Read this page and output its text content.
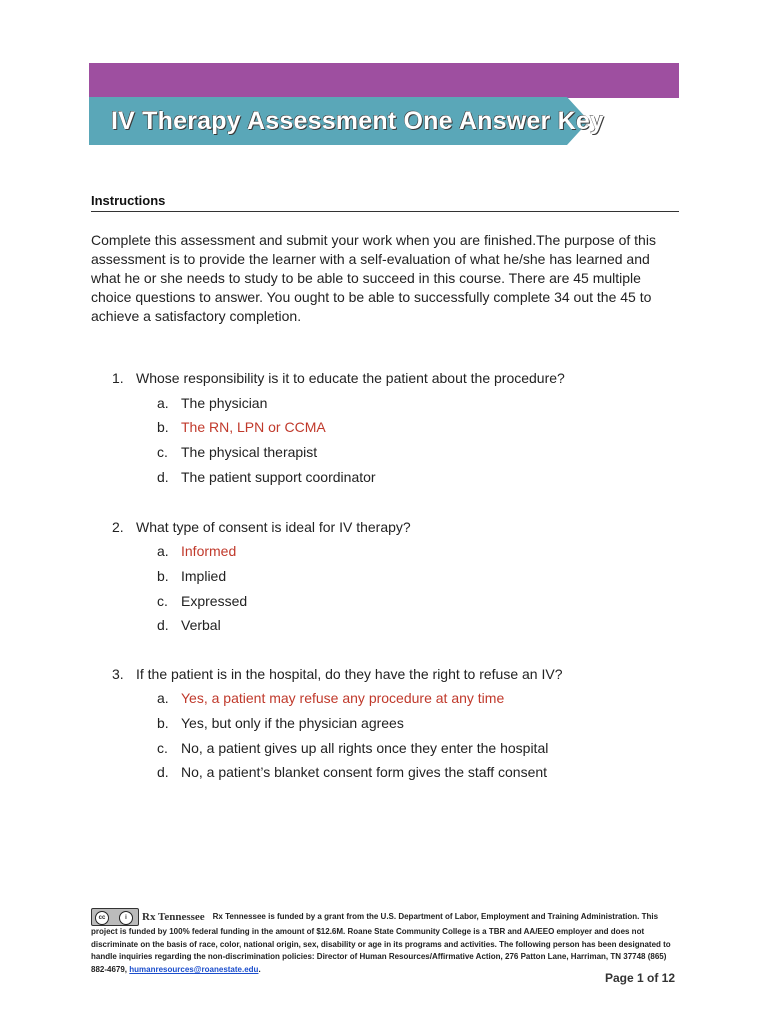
IV Therapy Assessment One Answer Key
Instructions
Complete this assessment and submit your work when you are finished.The purpose of this assessment is to provide the learner with a self-evaluation of what he/she has learned and what he or she needs to study to be able to succeed in this course. There are 45 multiple choice questions to answer. You ought to be able to successfully complete 34 out the 45 to achieve a satisfactory completion.
1. Whose responsibility is it to educate the patient about the procedure?
a. The physician
b. The RN, LPN or CCMA
c. The physical therapist
d. The patient support coordinator
2. What type of consent is ideal for IV therapy?
a. Informed
b. Implied
c. Expressed
d. Verbal
3. If the patient is in the hospital, do they have the right to refuse an IV?
a. Yes, a patient may refuse any procedure at any time
b. Yes, but only if the physician agrees
c. No, a patient gives up all rights once they enter the hospital
d. No, a patient’s blanket consent form gives the staff consent
cc	i	Rx Tennessee Rx Tennessee is funded by a grant from the U.S. Department of Labor, Employment and Training Administration. This project is funded by 100% federal funding in the amount of $12.6M. Roane State Community College is a TBR and AA/EEO employer and does not discriminate on the basis of race, color, national origin, sex, disability or age in its programs and activities. The following person has been designated to handle inquiries regarding the non-discrimination policies: Director of Human Resources/Affirmative Action, 276 Patton Lane, Harriman, TN 37748 (865) 882-4679, humanresources@roanestate.edu.
Page 1 of 12
